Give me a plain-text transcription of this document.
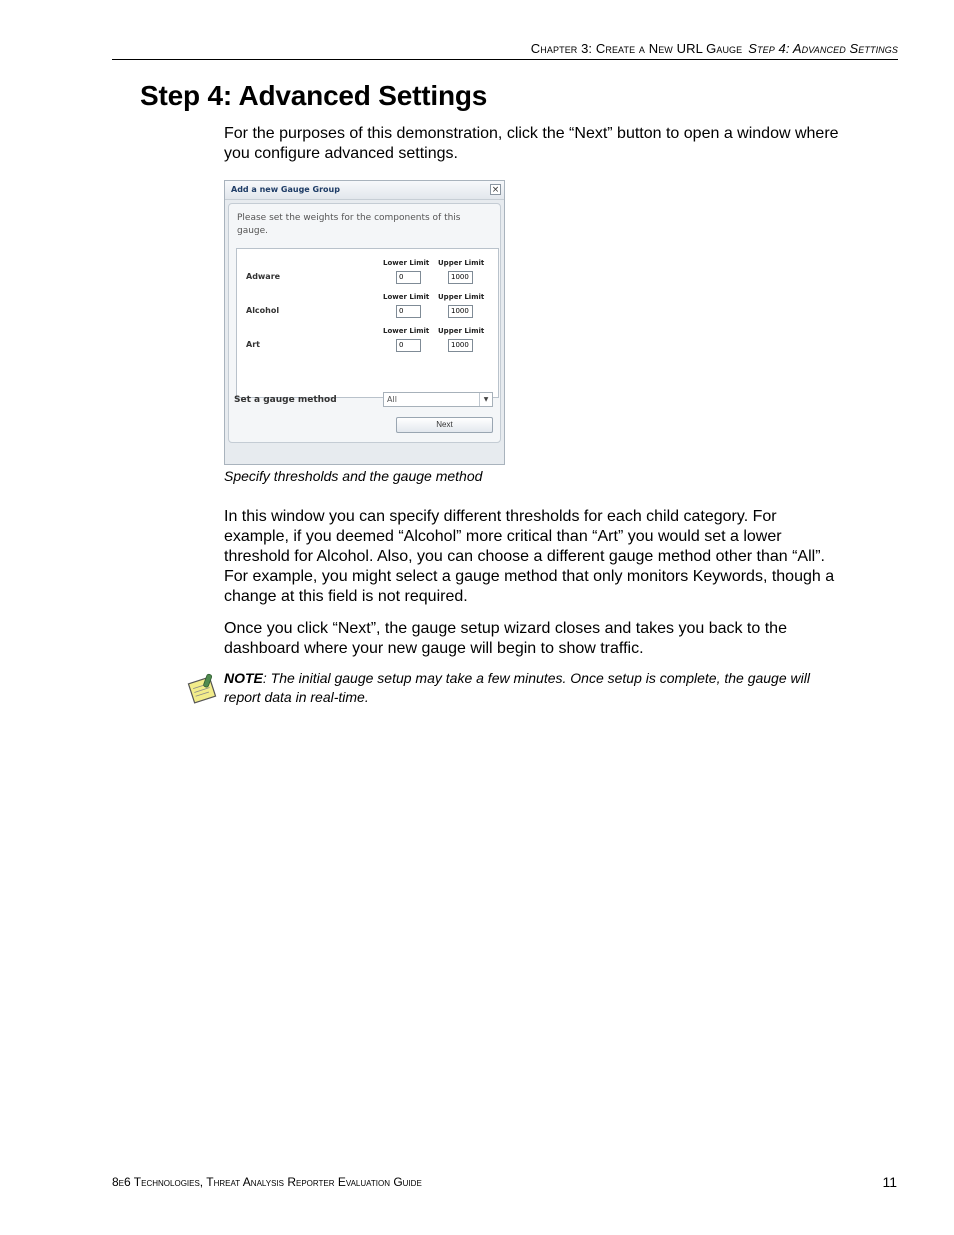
Chapter 3: Create a New URL Gauge Step 4: Advanced Settings
Step 4: Advanced Settings

For the purposes of this demonstration, click the “Next” button to open a window where you configure advanced settings.

Add a new Gauge Group	×
Please set the weights for the components of this gauge.
Lower Limit Upper Limit
Adware	0	1000
Lower Limit Upper Limit
Alcohol	0	1000
Lower Limit Upper Limit
Art	0	1000
Set a gauge method	All	▼
Next
Specify thresholds and the gauge method

In this window you can specify different thresholds for each child category. For example, if you deemed “Alcohol” more critical than “Art” you would set a lower threshold for Alcohol. Also, you can choose a different gauge method other than “All”. For example, you might select a gauge method that only monitors Keywords, though a change at this field is not required.

Once you click “Next”, the gauge setup wizard closes and takes you back to the dashboard where your new gauge will begin to show traffic.

NOTE: The initial gauge setup may take a few minutes. Once setup is complete, the gauge will report data in real-time.

8e6 Technologies, Threat Analysis Reporter Evaluation Guide	11
